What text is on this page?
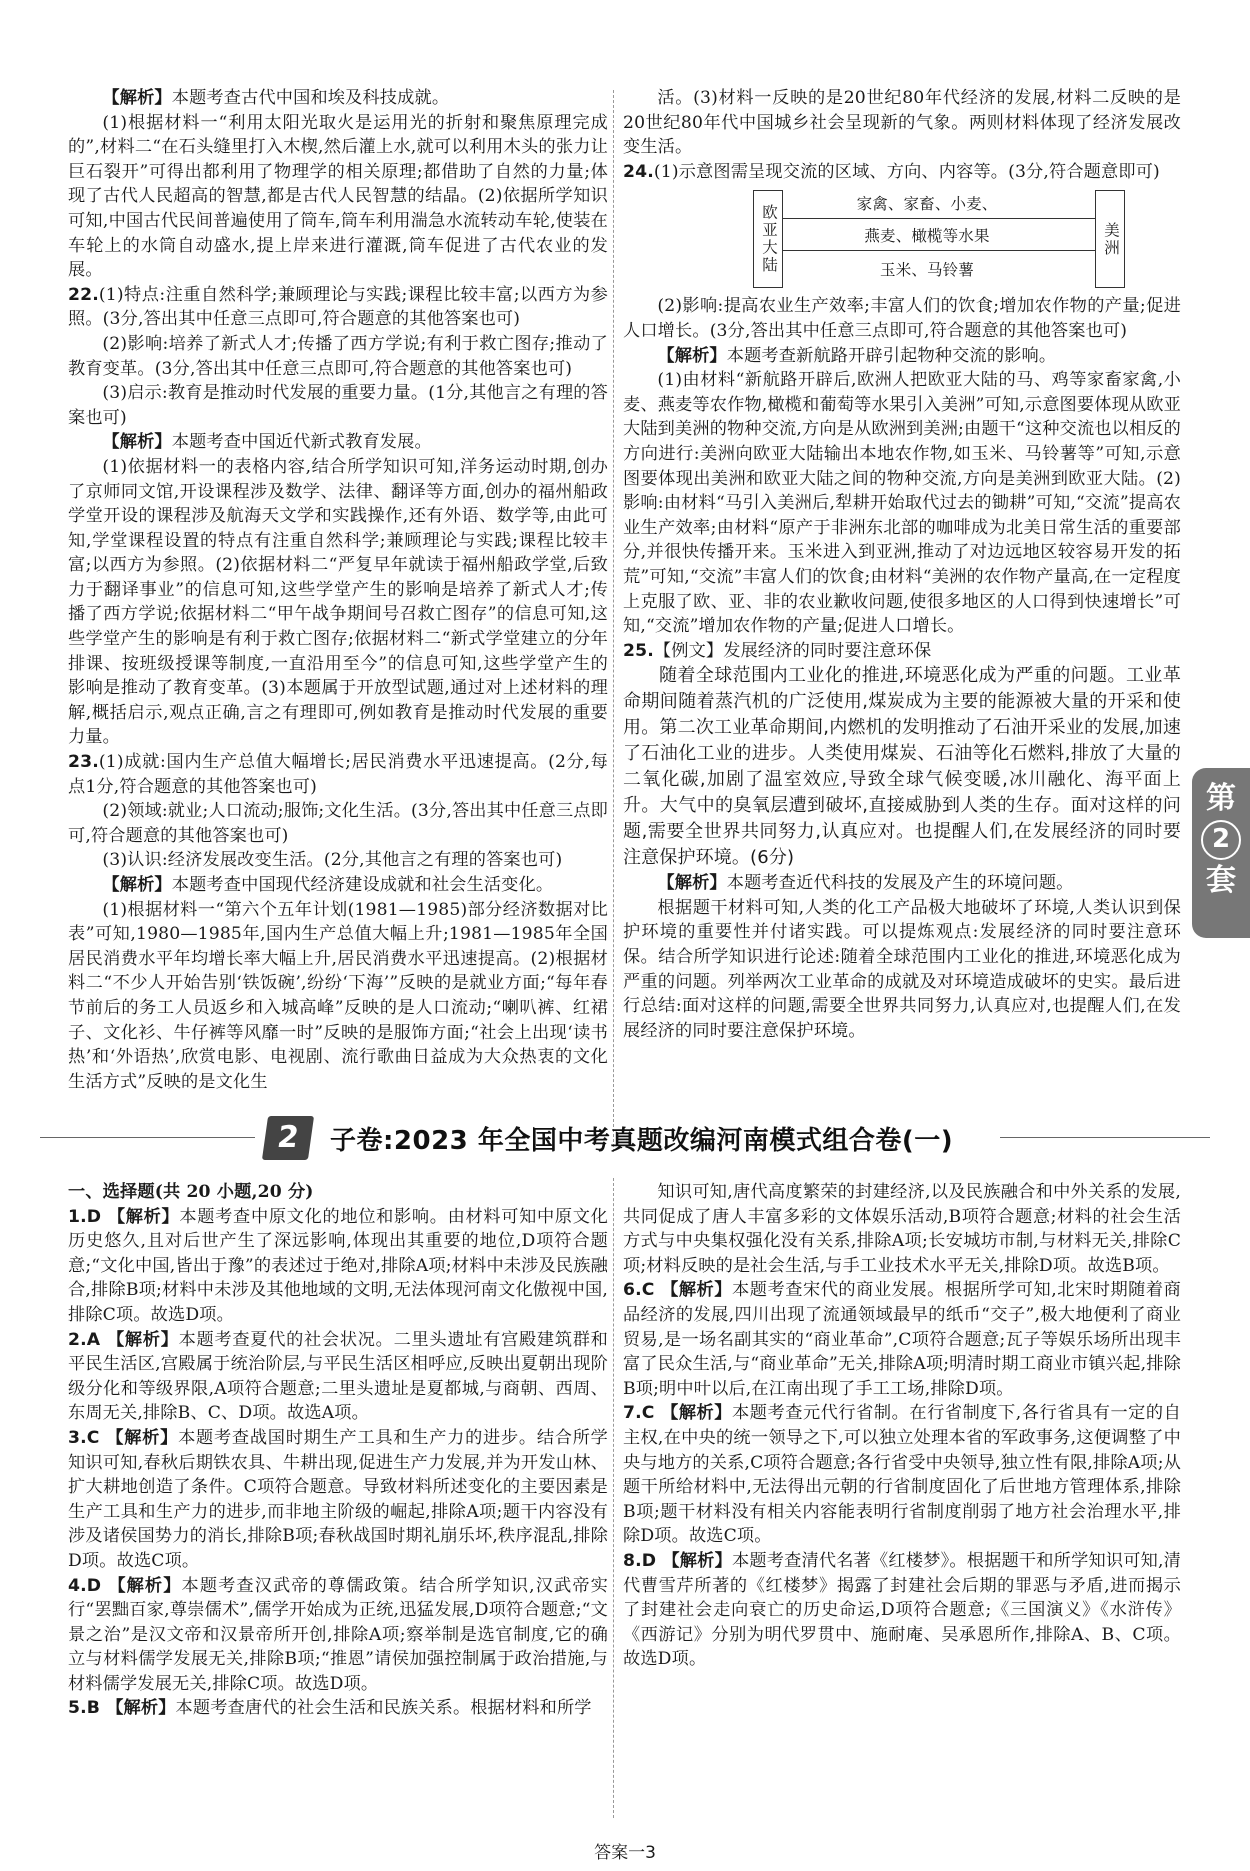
【解析】本题考查古代中国和埃及科技成就。

(1)根据材料一“利用太阳光取火是运用光的折射和聚焦原理完成的”,材料二“在石头缝里打入木楔,然后灌上水,就可以利用木头的张力让巨石裂开”可得出都利用了物理学的相关原理;都借助了自然的力量;体现了古代人民超高的智慧,都是古代人民智慧的结晶。(2)依据所学知识可知,中国古代民间普遍使用了筒车,筒车利用湍急水流转动车轮,使装在车轮上的水筒自动盛水,提上岸来进行灌溉,筒车促进了古代农业的发展。

22.(1)特点:注重自然科学;兼顾理论与实践;课程比较丰富;以西方为参照。(3分,答出其中任意三点即可,符合题意的其他答案也可)

(2)影响:培养了新式人才;传播了西方学说;有利于救亡图存;推动了教育变革。(3分,答出其中任意三点即可,符合题意的其他答案也可)

(3)启示:教育是推动时代发展的重要力量。(1分,其他言之有理的答案也可)

【解析】本题考查中国近代新式教育发展。

(1)依据材料一的表格内容,结合所学知识可知,洋务运动时期,创办了京师同文馆,开设课程涉及数学、法律、翻译等方面,创办的福州船政学堂开设的课程涉及航海天文学和实践操作,还有外语、数学等,由此可知,学堂课程设置的特点有注重自然科学;兼顾理论与实践;课程比较丰富;以西方为参照。(2)依据材料二“严复早年就读于福州船政学堂,后致力于翻译事业”的信息可知,这些学堂产生的影响是培养了新式人才;传播了西方学说;依据材料二“甲午战争期间号召救亡图存”的信息可知,这些学堂产生的影响是有利于救亡图存;依据材料二“新式学堂建立的分年排课、按班级授课等制度,一直沿用至今”的信息可知,这些学堂产生的影响是推动了教育变革。(3)本题属于开放型试题,通过对上述材料的理解,概括启示,观点正确,言之有理即可,例如教育是推动时代发展的重要力量。

23.(1)成就:国内生产总值大幅增长;居民消费水平迅速提高。(2分,每点1分,符合题意的其他答案也可)

(2)领域:就业;人口流动;服饰;文化生活。(3分,答出其中任意三点即可,符合题意的其他答案也可)

(3)认识:经济发展改变生活。(2分,其他言之有理的答案也可)

【解析】本题考查中国现代经济建设成就和社会生活变化。

(1)根据材料一“第六个五年计划(1981—1985)部分经济数据对比表”可知,1980—1985年,国内生产总值大幅上升;1981—1985年全国居民消费水平年均增长率大幅上升,居民消费水平迅速提高。(2)根据材料二“不少人开始告别‘铁饭碗’,纷纷‘下海’”反映的是就业方面;“每年春节前后的务工人员返乡和入城高峰”反映的是人口流动;“喇叭裤、红裙子、文化衫、牛仔裤等风靡一时”反映的是服饰方面;“社会上出现‘读书热’和‘外语热’,欣赏电影、电视剧、流行歌曲日益成为大众热衷的文化生活方式”反映的是文化生

活。(3)材料一反映的是20世纪80年代经济的发展,材料二反映的是20世纪80年代中国城乡社会呈现新的气象。两则材料体现了经济发展改变生活。

24.(1)示意图需呈现交流的区域、方向、内容等。(3分,符合题意即可)

欧亚大陆	美洲
家禽、家畜、小麦、
燕麦、橄榄等水果
玉米、马铃薯

(2)影响:提高农业生产效率;丰富人们的饮食;增加农作物的产量;促进人口增长。(3分,答出其中任意三点即可,符合题意的其他答案也可)

【解析】本题考查新航路开辟引起物种交流的影响。

(1)由材料“新航路开辟后,欧洲人把欧亚大陆的马、鸡等家畜家禽,小麦、燕麦等农作物,橄榄和葡萄等水果引入美洲”可知,示意图要体现从欧亚大陆到美洲的物种交流,方向是从欧洲到美洲;由题干“这种交流也以相反的方向进行:美洲向欧亚大陆输出本地农作物,如玉米、马铃薯等”可知,示意图要体现出美洲和欧亚大陆之间的物种交流,方向是美洲到欧亚大陆。(2)影响:由材料“马引入美洲后,犁耕开始取代过去的锄耕”可知,“交流”提高农业生产效率;由材料“原产于非洲东北部的咖啡成为北美日常生活的重要部分,并很快传播开来。玉米进入到亚洲,推动了对边远地区较容易开发的拓荒”可知,“交流”丰富人们的饮食;由材料“美洲的农作物产量高,在一定程度上克服了欧、亚、非的农业歉收问题,使很多地区的人口得到快速增长”可知,“交流”增加农作物的产量;促进人口增长。

25.【例文】发展经济的同时要注意环保

随着全球范围内工业化的推进,环境恶化成为严重的问题。工业革命期间随着蒸汽机的广泛使用,煤炭成为主要的能源被大量的开采和使用。第二次工业革命期间,内燃机的发明推动了石油开采业的发展,加速了石油化工业的进步。人类使用煤炭、石油等化石燃料,排放了大量的二氧化碳,加剧了温室效应,导致全球气候变暖,冰川融化、海平面上升。大气中的臭氧层遭到破坏,直接威胁到人类的生存。面对这样的问题,需要全世界共同努力,认真应对。也提醒人们,在发展经济的同时要注意保护环境。(6分)

【解析】本题考查近代科技的发展及产生的环境问题。

根据题干材料可知,人类的化工产品极大地破坏了环境,人类认识到保护环境的重要性并付诸实践。可以提炼观点:发展经济的同时要注意环保。结合所学知识进行论述:随着全球范围内工业化的推进,环境恶化成为严重的问题。列举两次工业革命的成就及对环境造成破坏的史实。最后进行总结:面对这样的问题,需要全世界共同努力,认真应对,也提醒人们,在发展经济的同时要注意保护环境。

第
2
套
2	子卷:2023 年全国中考真题改编河南模式组合卷(一)

一、选择题(共 20 小题,20 分)

1.D 【解析】本题考查中原文化的地位和影响。由材料可知中原文化历史悠久,且对后世产生了深远影响,体现出其重要的地位,D项符合题意;“文化中国,皆出于豫”的表述过于绝对,排除A项;材料中未涉及民族融合,排除B项;材料中未涉及其他地域的文明,无法体现河南文化傲视中国,排除C项。故选D项。

2.A 【解析】本题考查夏代的社会状况。二里头遗址有宫殿建筑群和平民生活区,宫殿属于统治阶层,与平民生活区相呼应,反映出夏朝出现阶级分化和等级界限,A项符合题意;二里头遗址是夏都城,与商朝、西周、东周无关,排除B、C、D项。故选A项。

3.C 【解析】本题考查战国时期生产工具和生产力的进步。结合所学知识可知,春秋后期铁农具、牛耕出现,促进生产力发展,并为开发山林、扩大耕地创造了条件。C项符合题意。导致材料所述变化的主要因素是生产工具和生产力的进步,而非地主阶级的崛起,排除A项;题干内容没有涉及诸侯国势力的消长,排除B项;春秋战国时期礼崩乐坏,秩序混乱,排除D项。故选C项。

4.D 【解析】本题考查汉武帝的尊儒政策。结合所学知识,汉武帝实行“罢黜百家,尊崇儒术”,儒学开始成为正统,迅猛发展,D项符合题意;“文景之治”是汉文帝和汉景帝所开创,排除A项;察举制是选官制度,它的确立与材料儒学发展无关,排除B项;“推恩”请侯加强控制属于政治措施,与材料儒学发展无关,排除C项。故选D项。

5.B 【解析】本题考查唐代的社会生活和民族关系。根据材料和所学

知识可知,唐代高度繁荣的封建经济,以及民族融合和中外关系的发展,共同促成了唐人丰富多彩的文体娱乐活动,B项符合题意;材料的社会生活方式与中央集权强化没有关系,排除A项;长安城坊市制,与材料无关,排除C项;材料反映的是社会生活,与手工业技术水平无关,排除D项。故选B项。

6.C 【解析】本题考查宋代的商业发展。根据所学可知,北宋时期随着商品经济的发展,四川出现了流通领域最早的纸币“交子”,极大地便利了商业贸易,是一场名副其实的“商业革命”,C项符合题意;瓦子等娱乐场所出现丰富了民众生活,与“商业革命”无关,排除A项;明清时期工商业市镇兴起,排除B项;明中叶以后,在江南出现了手工工场,排除D项。

7.C 【解析】本题考查元代行省制。在行省制度下,各行省具有一定的自主权,在中央的统一领导之下,可以独立处理本省的军政事务,这便调整了中央与地方的关系,C项符合题意;各行省受中央领导,独立性有限,排除A项;从题干所给材料中,无法得出元朝的行省制度固化了后世地方管理体系,排除B项;题干材料没有相关内容能表明行省制度削弱了地方社会治理水平,排除D项。故选C项。

8.D 【解析】本题考查清代名著《红楼梦》。根据题干和所学知识可知,清代曹雪芹所著的《红楼梦》揭露了封建社会后期的罪恶与矛盾,进而揭示了封建社会走向衰亡的历史命运,D项符合题意;《三国演义》《水浒传》《西游记》分别为明代罗贯中、施耐庵、吴承恩所作,排除A、B、C项。故选D项。

答案一3
